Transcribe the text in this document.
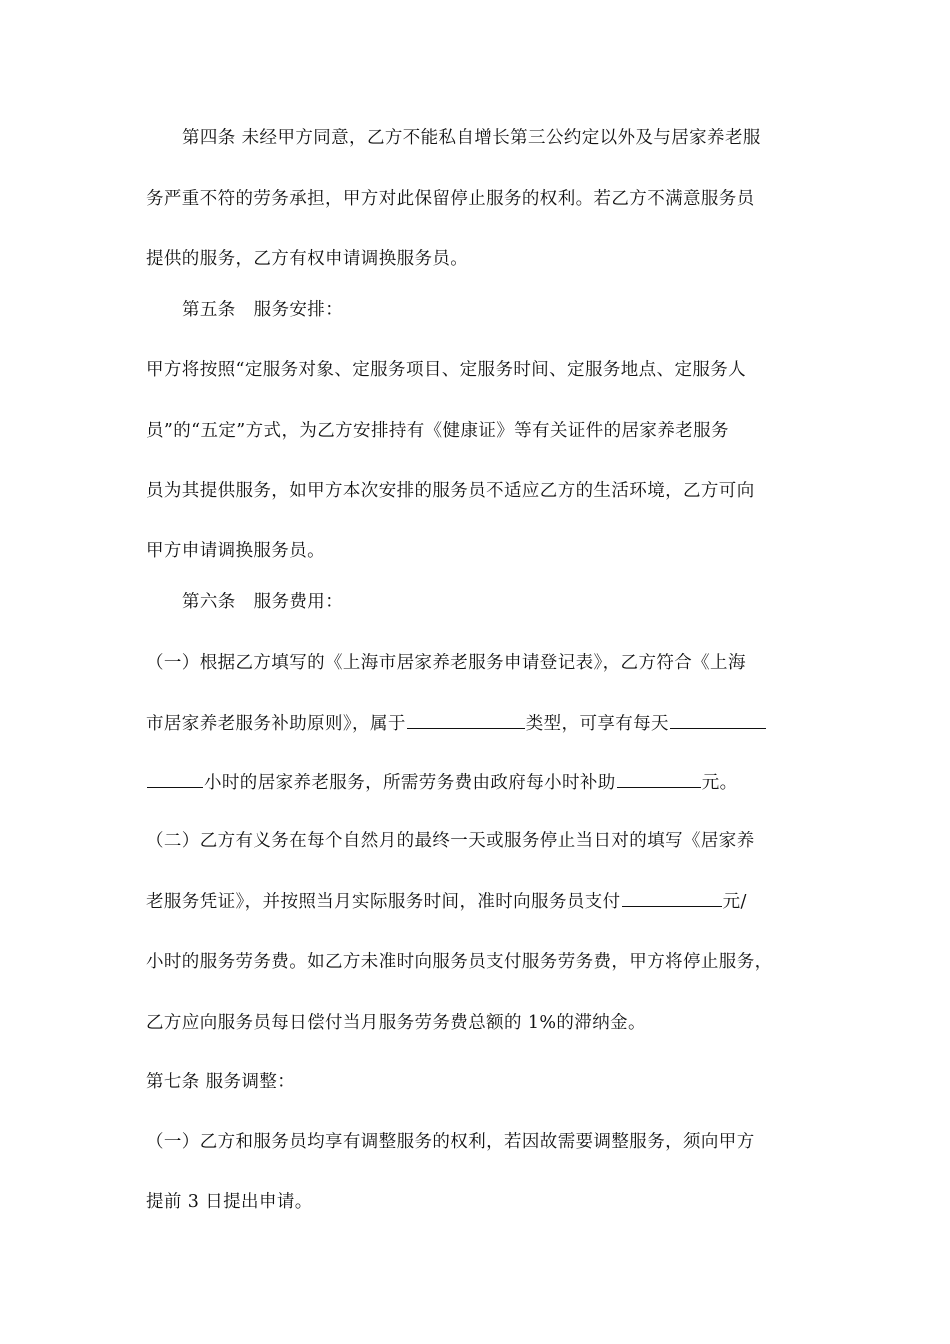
第四条 未经甲方同意，乙方不能私自增长第三公约定以外及与居家养老服
务严重不符的劳务承担，甲方对此保留停止服务的权利。若乙方不满意服务员
提供的服务，乙方有权申请调换服务员。
第五条　服务安排：
甲方将按照“定服务对象、定服务项目、定服务时间、定服务地点、定服务人
员”的“五定”方式，为乙方安排持有《健康证》等有关证件的居家养老服务
员为其提供服务，如甲方本次安排的服务员不适应乙方的生活环境，乙方可向
甲方申请调换服务员。
第六条　服务费用：
（一）根据乙方填写的《上海市居家养老服务申请登记表》，乙方符合《上海
市居家养老服务补助原则》，属于	类型，可享有每天
小时的居家养老服务，所需劳务费由政府每小时补助	元。
（二）乙方有义务在每个自然月的最终一天或服务停止当日对的填写《居家养
老服务凭证》，并按照当月实际服务时间，准时向服务员支付	元/
小时的服务劳务费。如乙方未准时向服务员支付服务劳务费，甲方将停止服务，
乙方应向服务员每日偿付当月服务劳务费总额的 1%的滞纳金。
第七条 服务调整：
（一）乙方和服务员均享有调整服务的权利，若因故需要调整服务，须向甲方
提前 3 日提出申请。
